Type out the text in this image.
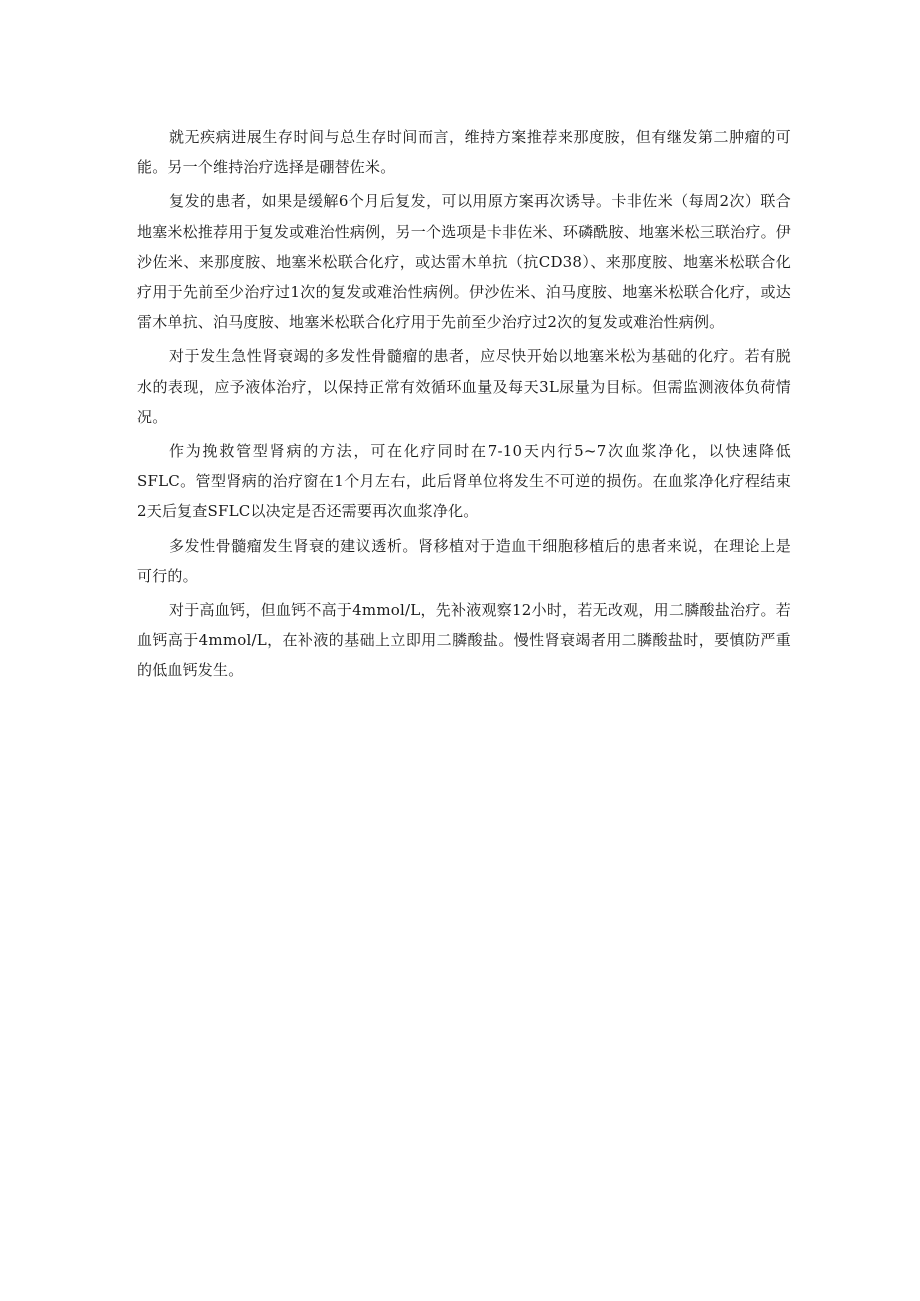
就无疾病进展生存时间与总生存时间而言，维持方案推荐来那度胺，但有继发第二肿瘤的可能。另一个维持治疗选择是硼替佐米。

复发的患者，如果是缓解6个月后复发，可以用原方案再次诱导。卡非佐米（每周2次）联合地塞米松推荐用于复发或难治性病例，另一个选项是卡非佐米、环磷酰胺、地塞米松三联治疗。伊沙佐米、来那度胺、地塞米松联合化疗，或达雷木单抗（抗CD38）、来那度胺、地塞米松联合化疗用于先前至少治疗过1次的复发或难治性病例。伊沙佐米、泊马度胺、地塞米松联合化疗，或达雷木单抗、泊马度胺、地塞米松联合化疗用于先前至少治疗过2次的复发或难治性病例。

对于发生急性肾衰竭的多发性骨髓瘤的患者，应尽快开始以地塞米松为基础的化疗。若有脱水的表现，应予液体治疗，以保持正常有效循环血量及每天3L尿量为目标。但需监测液体负荷情况。

作为挽救管型肾病的方法，可在化疗同时在7-10天内行5~7次血浆净化，以快速降低SFLC。管型肾病的治疗窗在1个月左右，此后肾单位将发生不可逆的损伤。在血浆净化疗程结束2天后复查SFLC以决定是否还需要再次血浆净化。

多发性骨髓瘤发生肾衰的建议透析。肾移植对于造血干细胞移植后的患者来说，在理论上是可行的。

对于高血钙，但血钙不高于4mmol/L，先补液观察12小时，若无改观，用二膦酸盐治疗。若血钙高于4mmol/L，在补液的基础上立即用二膦酸盐。慢性肾衰竭者用二膦酸盐时，要慎防严重的低血钙发生。
